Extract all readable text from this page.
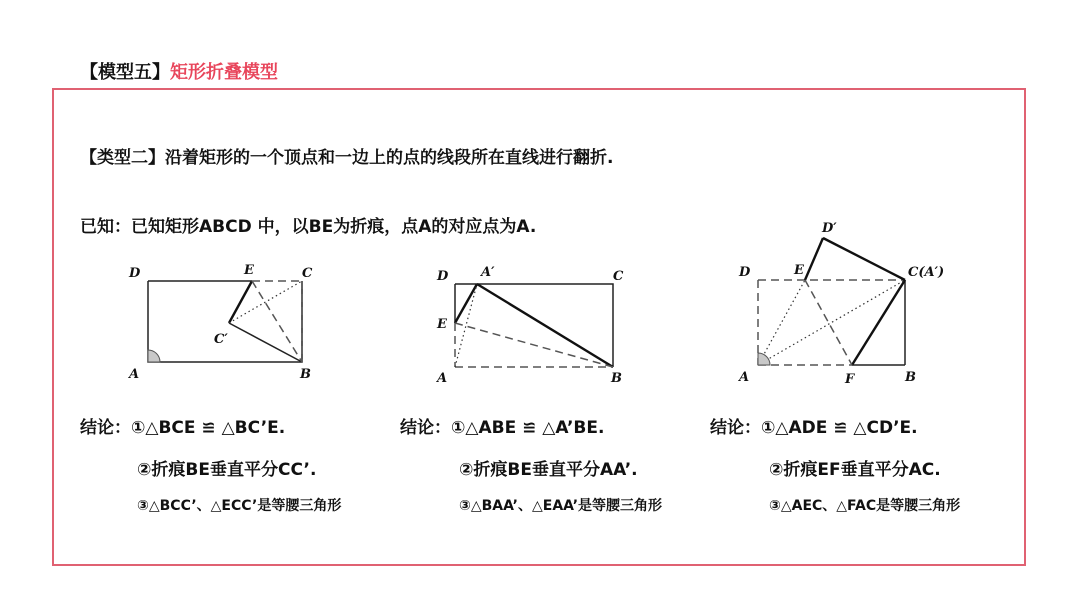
【模型五】矩形折叠模型
【类型二】沿着矩形的一个顶点和一边上的点的线段所在直线进行翻折.
已知：已知矩形ABCD 中，以BE为折痕，点A的对应点为A.
D	E	C
C′
A	B
D	A′	C
E
A	B
D′
D	E	C(A′)
A	F	B
结论：①△BCE ≌ △BC’E.
②折痕BE垂直平分CC’.
③△BCC’、△ECC’是等腰三角形
结论：①△ABE ≌ △A’BE.
②折痕BE垂直平分AA’.
③△BAA’、△EAA’是等腰三角形
结论：①△ADE ≌ △CD’E.
②折痕EF垂直平分AC.
③△AEC、△FAC是等腰三角形
